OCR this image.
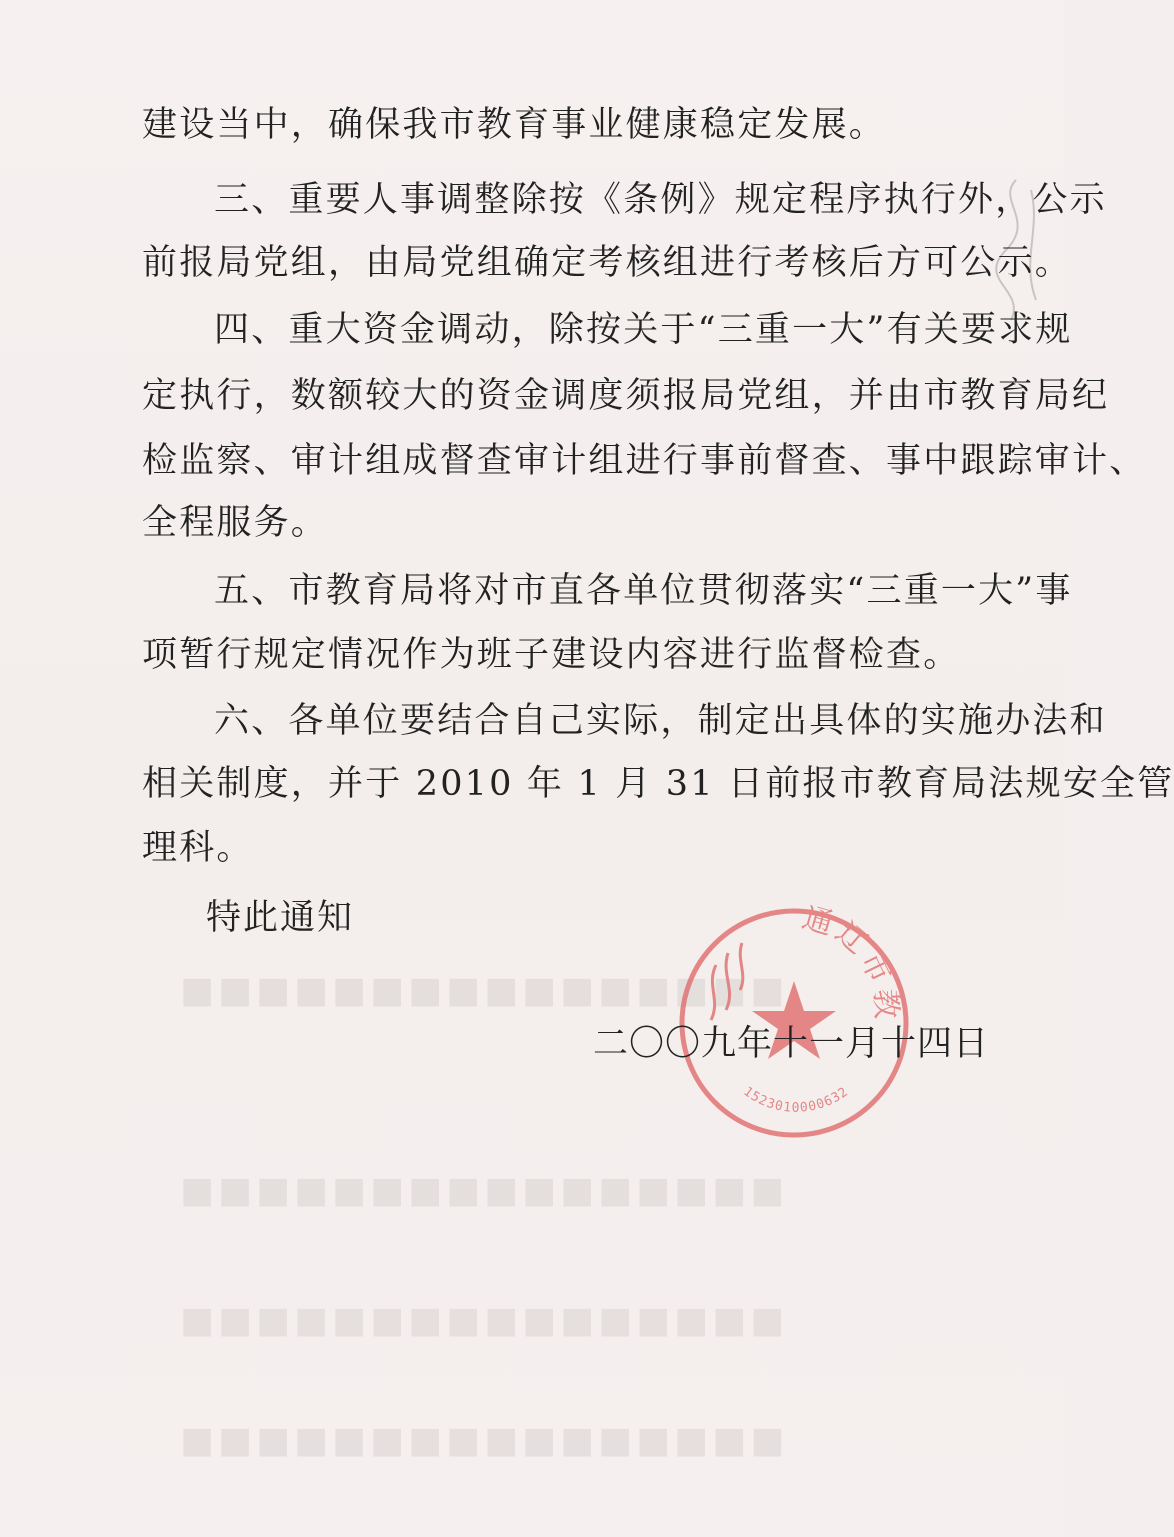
■■■■■■■■■■■■■■■■
■■■■■■■■■■■■■■■■
■■■■■■■■■■■■■■■■
■■■■■■■■■■■■■■■■
建设当中，确保我市教育事业健康稳定发展。
三、重要人事调整除按《条例》规定程序执行外，公示
前报局党组，由局党组确定考核组进行考核后方可公示。
四、重大资金调动，除按关于“三重一大”有关要求规
定执行，数额较大的资金调度须报局党组，并由市教育局纪
检监察、审计组成督查审计组进行事前督查、事中跟踪审计、
全程服务。
五、市教育局将对市直各单位贯彻落实“三重一大”事
项暂行规定情况作为班子建设内容进行监督检查。
六、各单位要结合自己实际，制定出具体的实施办法和
相关制度，并于 2010 年 1 月 31 日前报市教育局法规安全管
理科。
特此通知	通辽市教
1523010000632
二〇〇九年十一月十四日
